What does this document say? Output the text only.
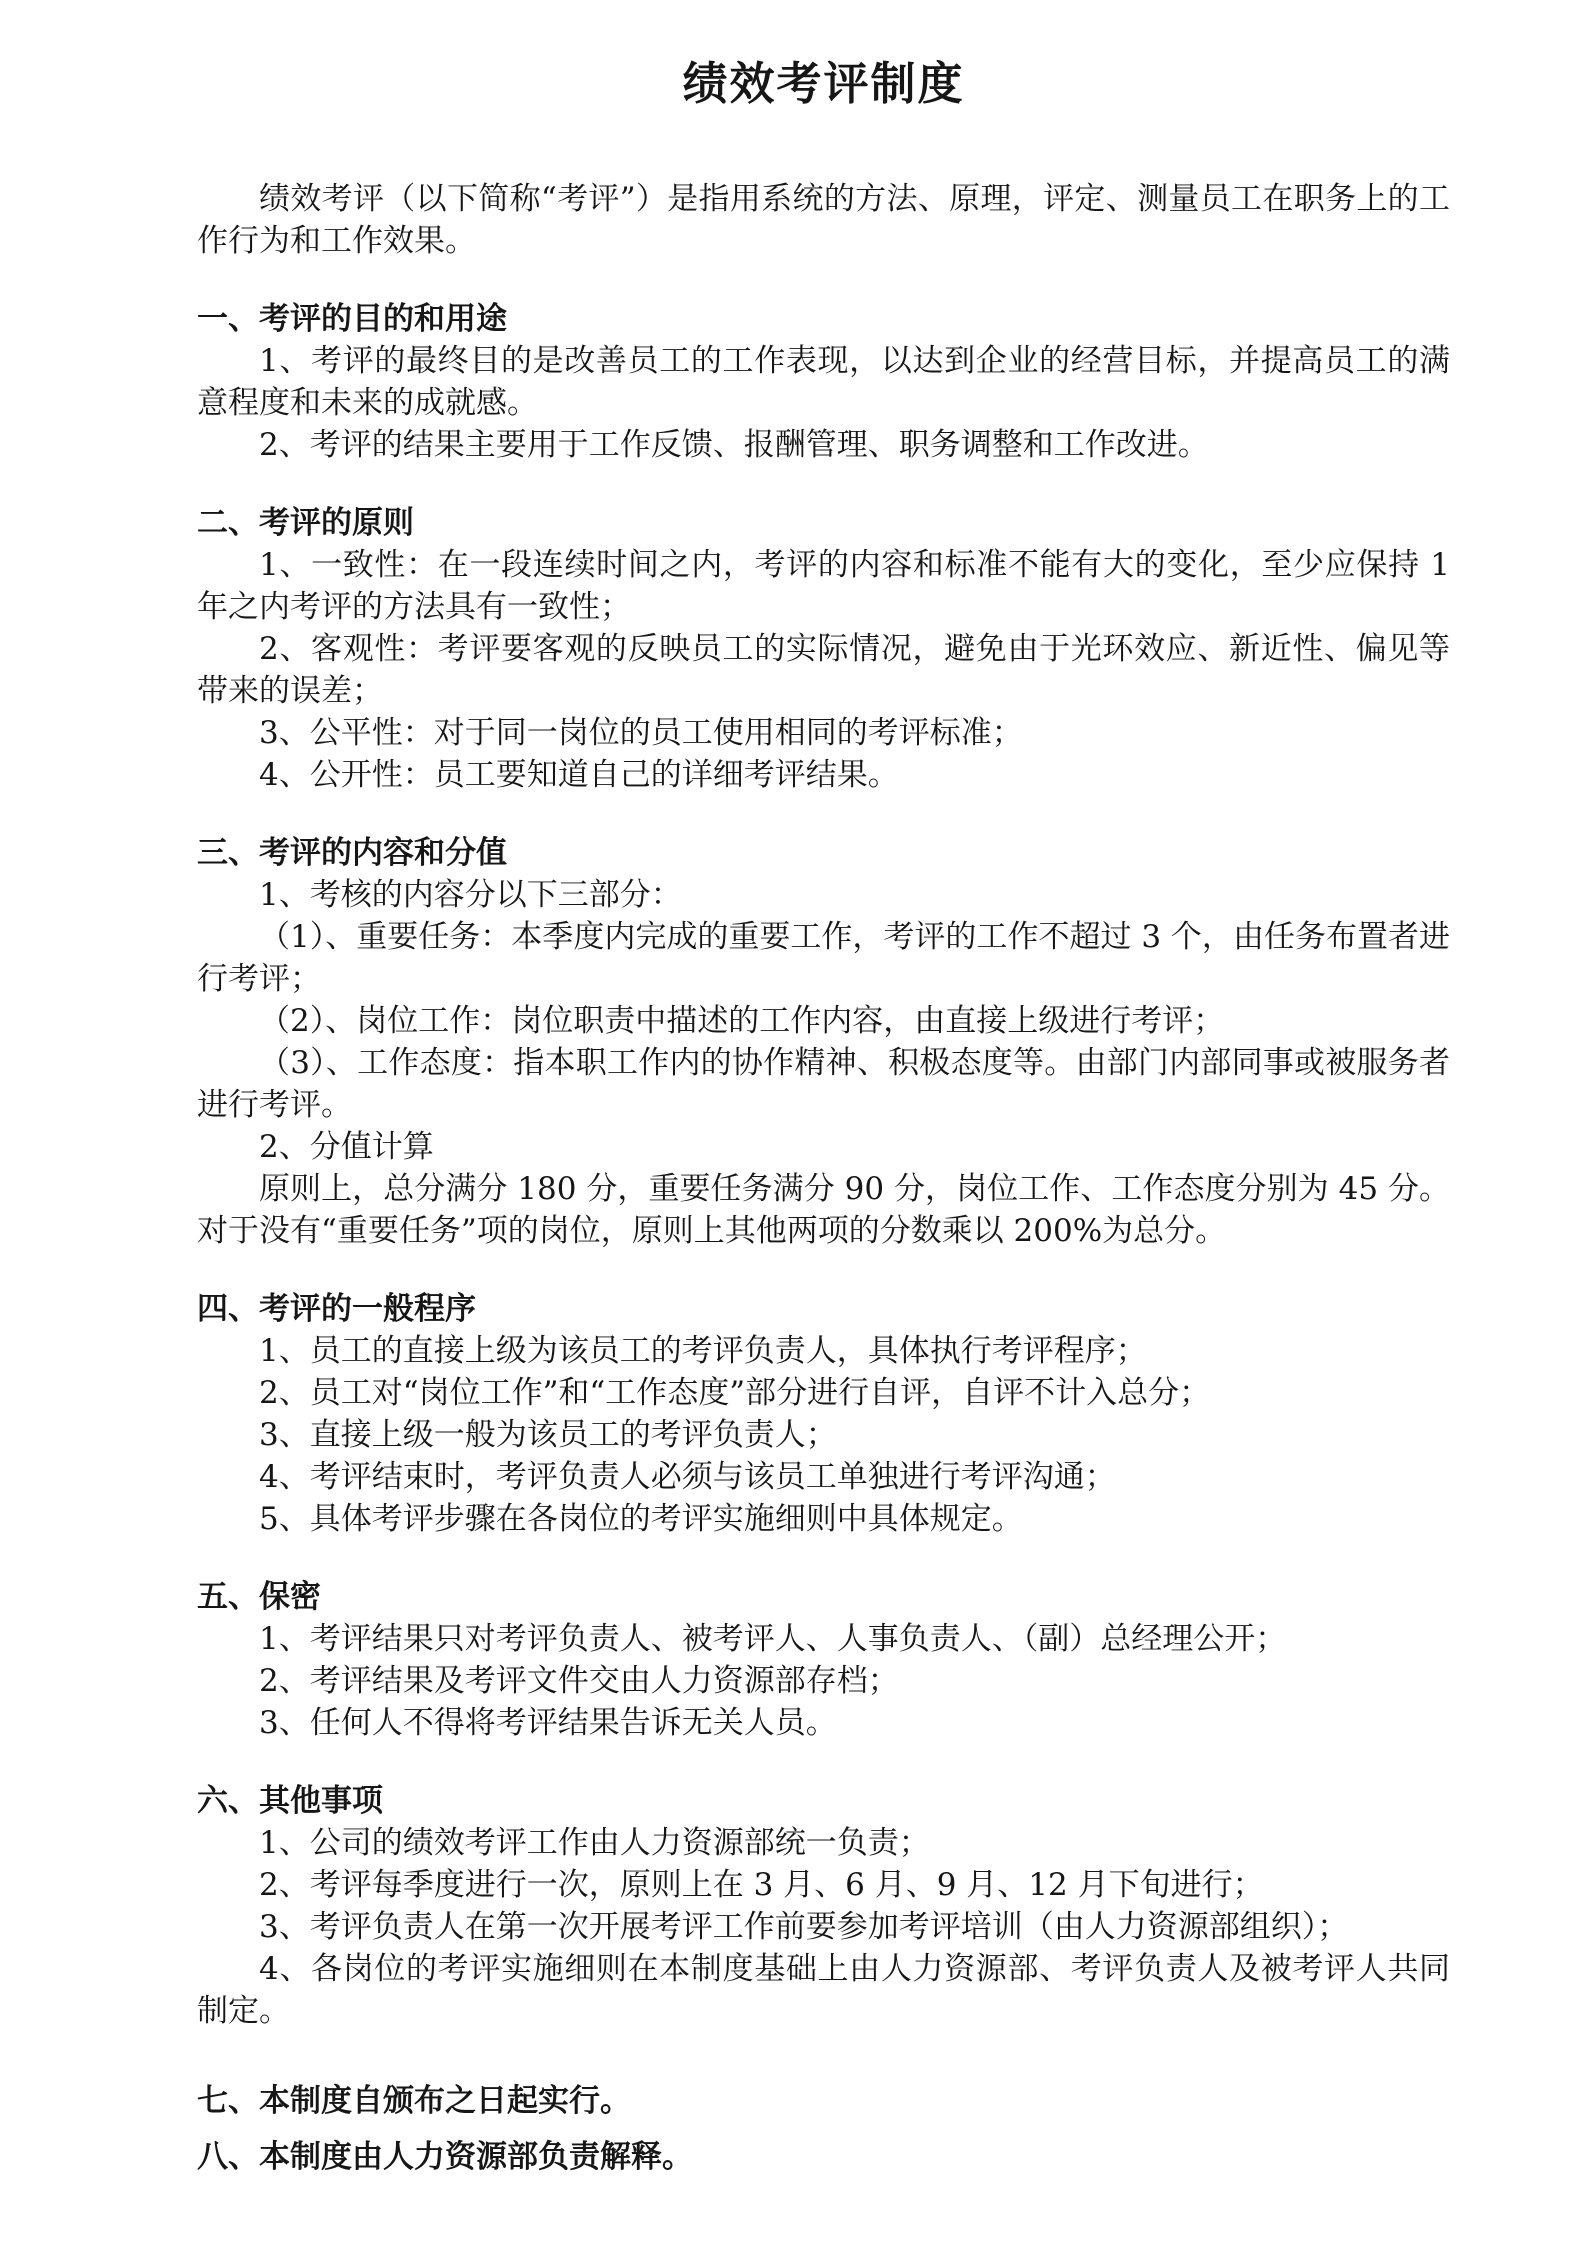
绩效考评制度

绩效考评（以下简称“考评”）是指用系统的方法、原理，评定、测量员工在职务上的工作行为和工作效果。

一、考评的目的和用途

1、考评的最终目的是改善员工的工作表现，以达到企业的经营目标，并提高员工的满意程度和未来的成就感。

2、考评的结果主要用于工作反馈、报酬管理、职务调整和工作改进。

二、考评的原则

1、一致性：在一段连续时间之内，考评的内容和标准不能有大的变化，至少应保持 1 年之内考评的方法具有一致性；

2、客观性：考评要客观的反映员工的实际情况，避免由于光环效应、新近性、偏见等带来的误差；

3、公平性：对于同一岗位的员工使用相同的考评标准；

4、公开性：员工要知道自己的详细考评结果。

三、考评的内容和分值

1、考核的内容分以下三部分：

（1）、重要任务：本季度内完成的重要工作，考评的工作不超过 3 个，由任务布置者进行考评；

（2）、岗位工作：岗位职责中描述的工作内容，由直接上级进行考评；

（3）、工作态度：指本职工作内的协作精神、积极态度等。由部门内部同事或被服务者进行考评。

2、分值计算

原则上，总分满分 180 分，重要任务满分 90 分，岗位工作、工作态度分别为 45 分。对于没有“重要任务”项的岗位，原则上其他两项的分数乘以 200%为总分。

四、考评的一般程序

1、员工的直接上级为该员工的考评负责人，具体执行考评程序；

2、员工对“岗位工作”和“工作态度”部分进行自评，自评不计入总分；

3、直接上级一般为该员工的考评负责人；

4、考评结束时，考评负责人必须与该员工单独进行考评沟通；

5、具体考评步骤在各岗位的考评实施细则中具体规定。

五、保密

1、考评结果只对考评负责人、被考评人、人事负责人、（副）总经理公开；

2、考评结果及考评文件交由人力资源部存档；

3、任何人不得将考评结果告诉无关人员。

六、其他事项

1、公司的绩效考评工作由人力资源部统一负责；

2、考评每季度进行一次，原则上在 3 月、6 月、9 月、12 月下旬进行；

3、考评负责人在第一次开展考评工作前要参加考评培训（由人力资源部组织）；

4、各岗位的考评实施细则在本制度基础上由人力资源部、考评负责人及被考评人共同制定。

七、本制度自颁布之日起实行。
八、本制度由人力资源部负责解释。
